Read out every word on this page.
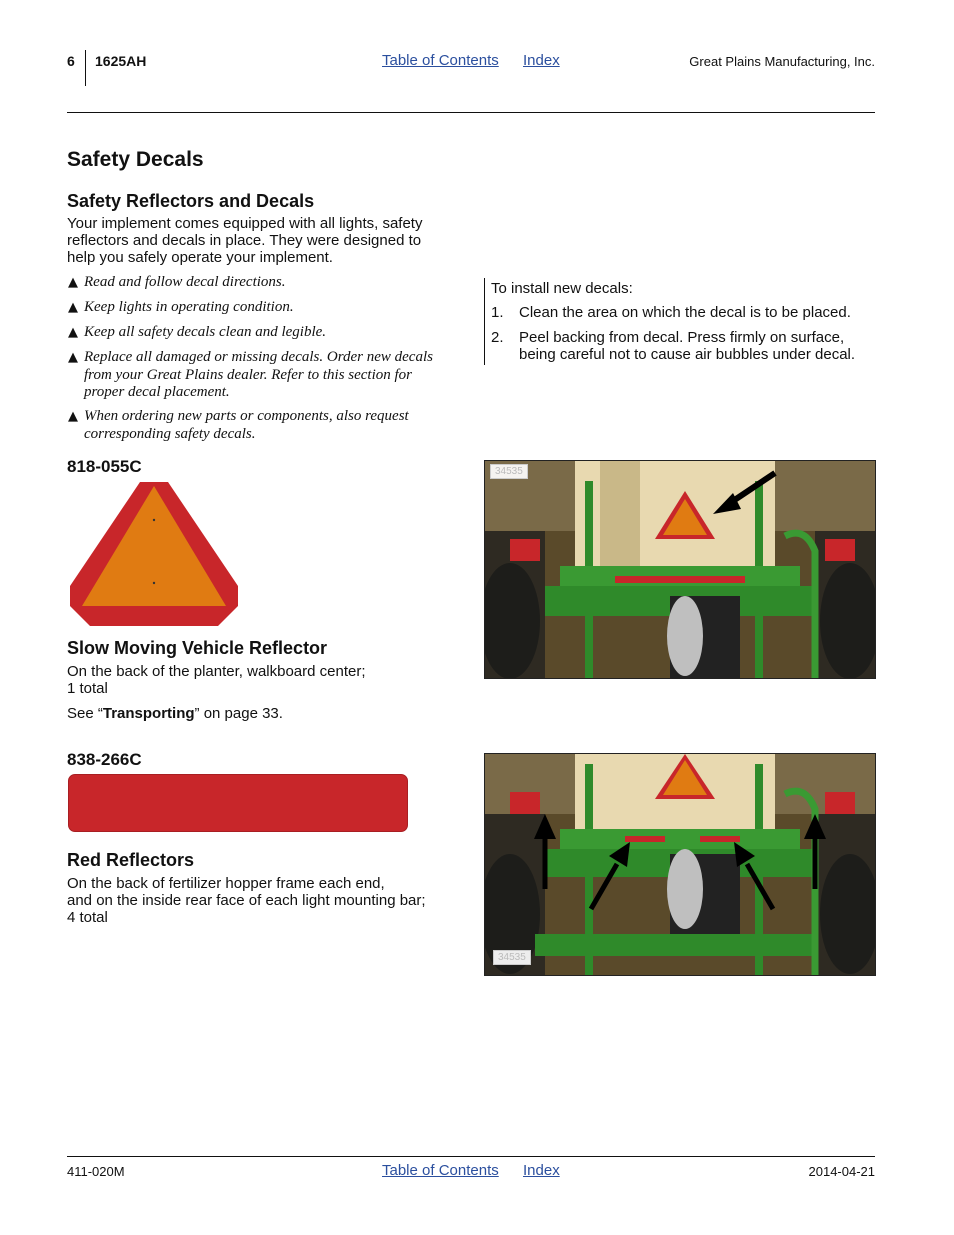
6 1625AH	Table of Contents Index	Great Plains Manufacturing, Inc.
Safety Decals
Safety Reflectors and Decals
Your implement comes equipped with all lights, safety
reflectors and decals in place. They were designed to
help you safely operate your implement.
▲ Read and follow decal directions.
▲ Keep lights in operating condition.
▲ Keep all safety decals clean and legible.
▲ Replace all damaged or missing decals. Order new decals
from your Great Plains dealer. Refer to this section for
proper decal placement.
▲ When ordering new parts or components, also request
corresponding safety decals.
To install new decals:
1. Clean the area on which the decal is to be placed.
2. Peel backing from decal. Press firmly on surface,
being careful not to cause air bubbles under decal.
818-055C
Slow Moving Vehicle Reflector
On the back of the planter, walkboard center;
1 total
See “Transporting” on page 33.
34535
838-266C
Red Reflectors
On the back of fertilizer hopper frame each end,
and on the inside rear face of each light mounting bar;
4 total
34535
411-020M	Table of Contents Index	2014-04-21
